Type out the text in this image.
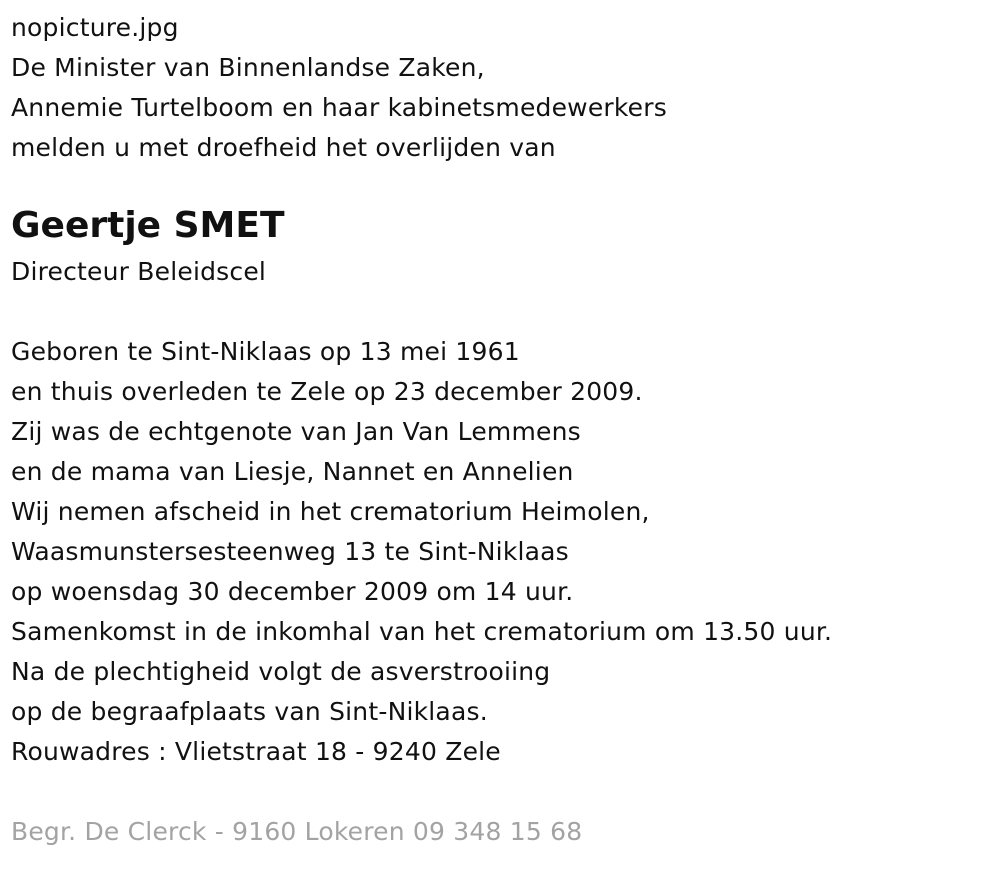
nopicture.jpg
De Minister van Binnenlandse Zaken,
Annemie Turtelboom en haar kabinetsmedewerkers
melden u met droefheid het overlijden van
Geertje SMET
Directeur Beleidscel
Geboren te Sint-Niklaas op 13 mei 1961
en thuis overleden te Zele op 23 december 2009.
Zij was de echtgenote van Jan Van Lemmens
en de mama van Liesje, Nannet en Annelien
Wij nemen afscheid in het crematorium Heimolen,
Waasmunstersesteenweg 13 te Sint-Niklaas
op woensdag 30 december 2009 om 14 uur.
Samenkomst in de inkomhal van het crematorium om 13.50 uur.
Na de plechtigheid volgt de asverstrooiing
op de begraafplaats van Sint-Niklaas.
Rouwadres : Vlietstraat 18 - 9240 Zele
Begr. De Clerck - 9160 Lokeren 09 348 15 68
